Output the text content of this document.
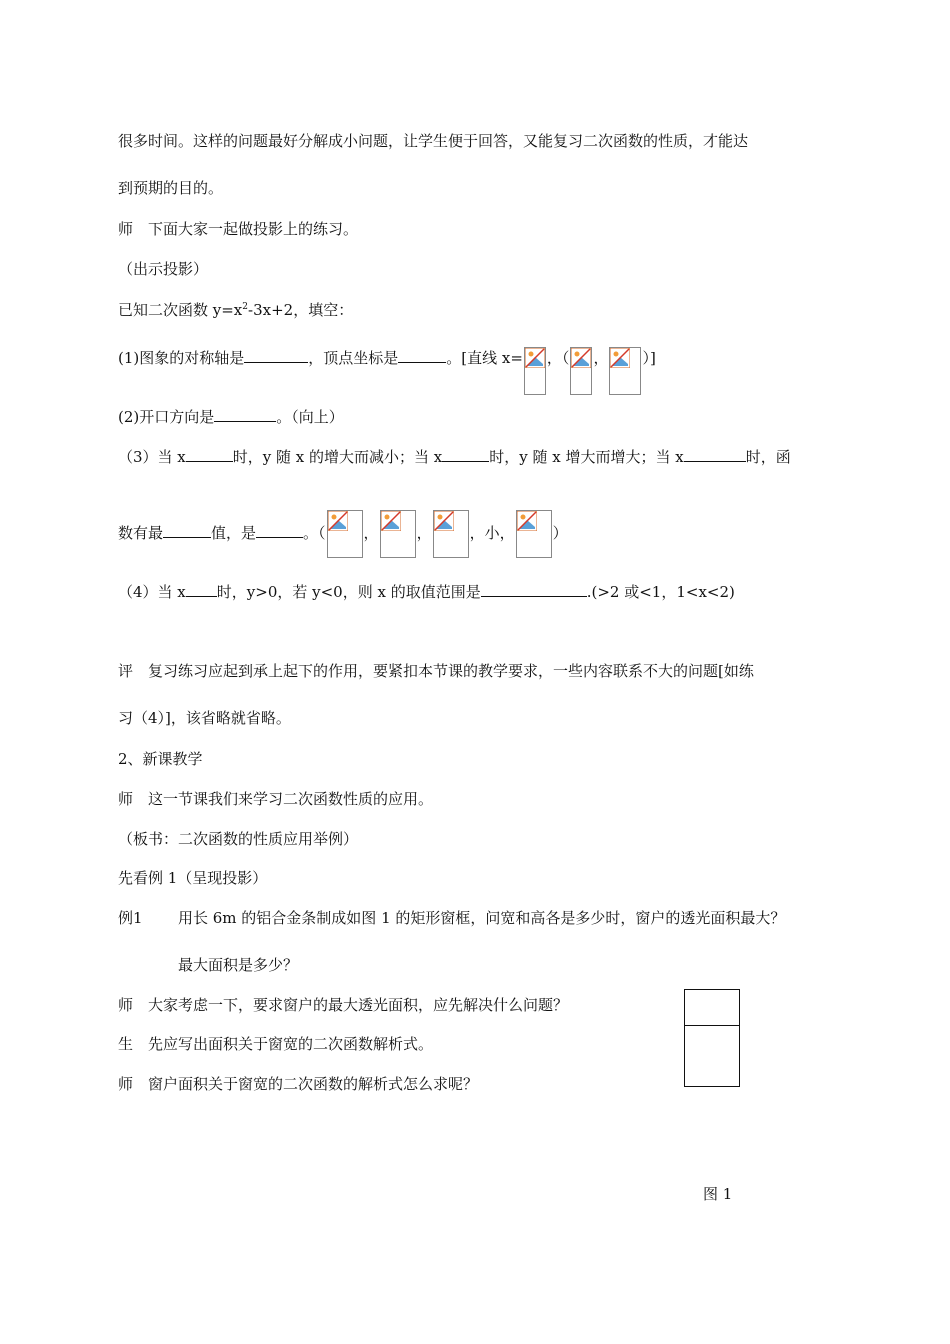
很多时间。这样的问题最好分解成小问题，让学生便于回答，又能复习二次函数的性质，才能达
到预期的目的。
师　下面大家一起做投影上的练习。
（出示投影）
已知二次函数 $y=x^2-3x+2$，填空：
(1)图象的对称轴是	，顶点坐标是	。[直线 x= ，（ ， ）]
(2)开口方向是	。（向上）
（3）当 x	时，y 随 x 的增大而减小；当 x	时，y 随 x 增大而增大；当 x	时，函
数有最	值，是	。（	，	，	，小，	）
（4）当 x 时，y>0，若 y<0，则 x 的取值范围是	.(>2 或<1，1<x<2)
评　复习练习应起到承上起下的作用，要紧扣本节课的教学要求，一些内容联系不大的问题[如练
习（4）]，该省略就省略。
2、新课教学
师　这一节课我们来学习二次函数性质的应用。
（板书：二次函数的性质应用举例）
先看例 1（呈现投影）
例1 用长 6m 的铝合金条制成如图 1 的矩形窗框，问宽和高各是多少时，窗户的透光面积最大？
最大面积是多少？
师　大家考虑一下，要求窗户的最大透光面积，应先解决什么问题？
生　先应写出面积关于窗宽的二次函数解析式。
师　窗户面积关于窗宽的二次函数的解析式怎么求呢？
图 1
